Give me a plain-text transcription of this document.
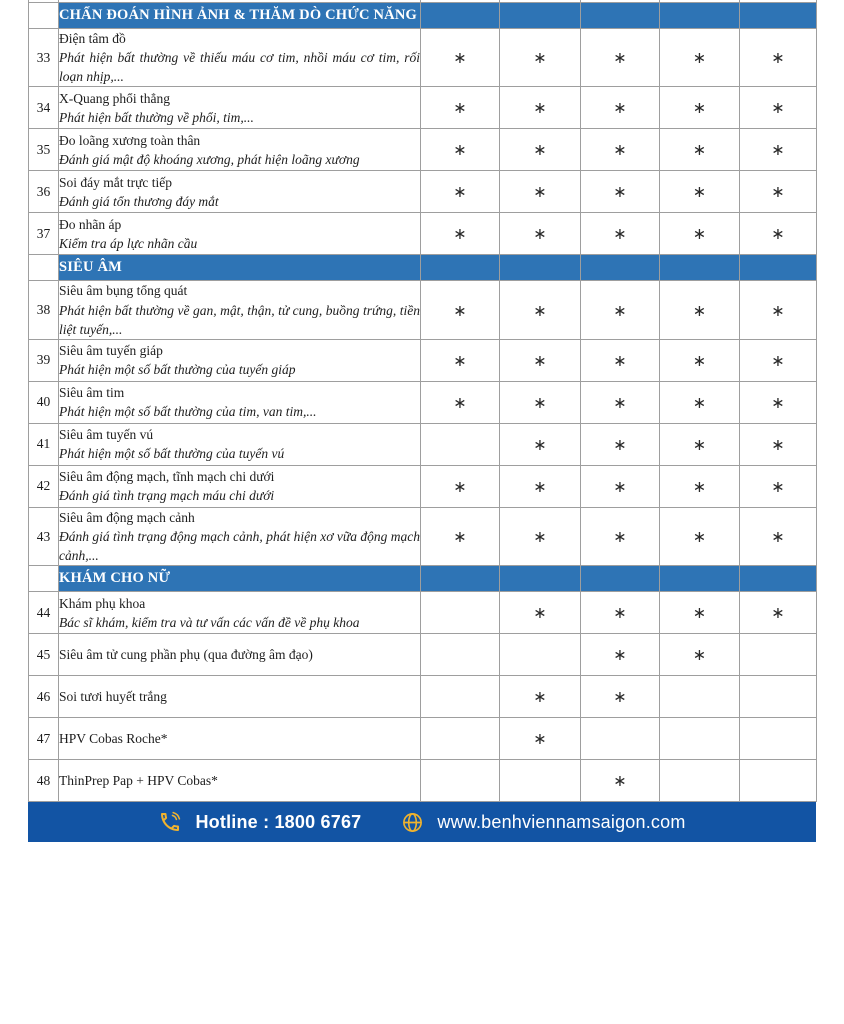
	CHẨN ĐOÁN HÌNH ẢNH & THĂM DÒ CHỨC NĂNG					
33	Điện tâm đồ
Phát hiện bất thường về thiếu máu cơ tim, nhồi máu cơ tim, rối loạn nhịp,...	∗	∗	∗	∗	∗
34	X-Quang phổi thẳng
Phát hiện bất thường về phổi, tim,...	∗	∗	∗	∗	∗
35	Đo loãng xương toàn thân
Đánh giá mật độ khoáng xương, phát hiện loãng xương	∗	∗	∗	∗	∗
36	Soi đáy mắt trực tiếp
Đánh giá tổn thương đáy mắt	∗	∗	∗	∗	∗
37	Đo nhãn áp
Kiểm tra áp lực nhãn cầu	∗	∗	∗	∗	∗
	SIÊU ÂM					
38	Siêu âm bụng tổng quát
Phát hiện bất thường về gan, mật, thận, tử cung, buồng trứng, tiền liệt tuyến,...	∗	∗	∗	∗	∗
39	Siêu âm tuyến giáp
Phát hiện một số bất thường của tuyến giáp	∗	∗	∗	∗	∗
40	Siêu âm tim
Phát hiện một số bất thường của tim, van tim,...	∗	∗	∗	∗	∗
41	Siêu âm tuyến vú
Phát hiện một số bất thường của tuyến vú		∗	∗	∗	∗
42	Siêu âm động mạch, tĩnh mạch chi dưới
Đánh giá tình trạng mạch máu chi dưới	∗	∗	∗	∗	∗
43	Siêu âm động mạch cảnh
Đánh giá tình trạng động mạch cảnh, phát hiện xơ vữa động mạch cảnh,...	∗	∗	∗	∗	∗
	KHÁM CHO NỮ					
44	Khám phụ khoa
Bác sĩ khám, kiểm tra và tư vấn các vấn đề về phụ khoa		∗	∗	∗	∗
45	Siêu âm tử cung phần phụ (qua đường âm đạo)			∗	∗	
46	Soi tươi huyết trắng		∗	∗		
47	HPV Cobas Roche*		∗			
48	ThinPrep Pap + HPV Cobas*			∗		
Hotline : 1800 6767	www.benhviennamsaigon.com
